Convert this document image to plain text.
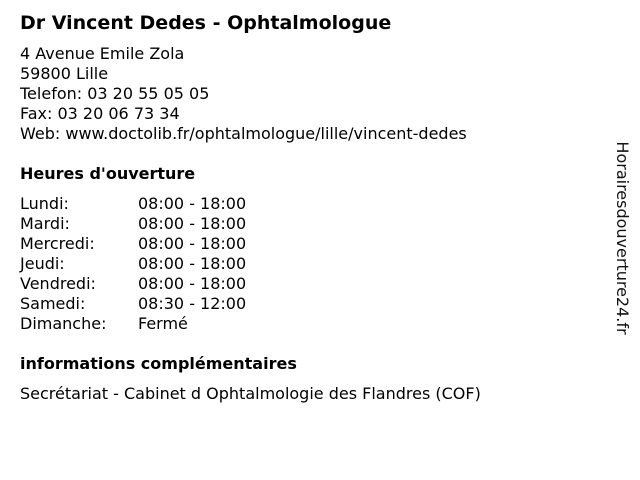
Dr Vincent Dedes - Ophtalmologue
4 Avenue Emile Zola
59800 Lille
Telefon: 03 20 55 05 05
Fax: 03 20 06 73 34
Web: www.doctolib.fr/ophtalmologue/lille/vincent-dedes
Heures d'ouverture
Lundi:	08:00 - 18:00
Mardi:	08:00 - 18:00
Mercredi:	08:00 - 18:00
Jeudi:	08:00 - 18:00
Vendredi:	08:00 - 18:00
Samedi:	08:30 - 12:00
Dimanche:	Fermé
informations complémentaires
Secrétariat - Cabinet d Ophtalmologie des Flandres (COF)
Horairesdouverture24.fr
